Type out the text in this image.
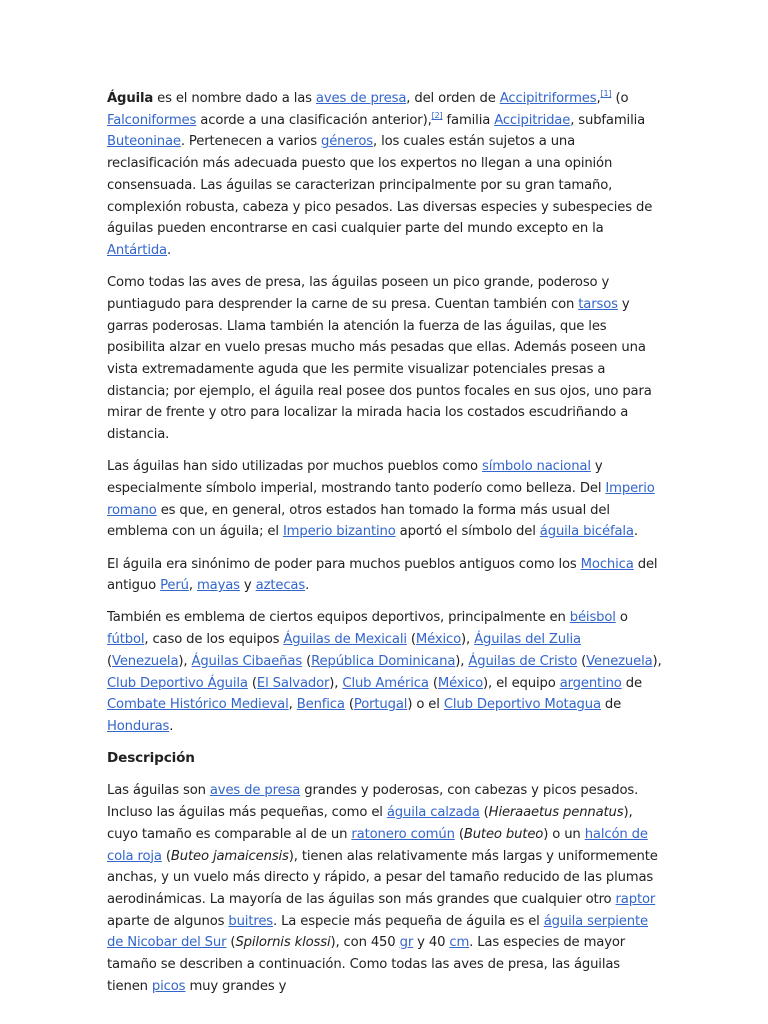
Águila es el nombre dado a las aves de presa, del orden de Accipitriformes,[1] (o Falconiformes acorde a una clasificación anterior),[2] familia Accipitridae, subfamilia Buteoninae. Pertenecen a varios géneros, los cuales están sujetos a una reclasificación más adecuada puesto que los expertos no llegan a una opinión consensuada. Las águilas se caracterizan principalmente por su gran tamaño, complexión robusta, cabeza y pico pesados. Las diversas especies y subespecies de águilas pueden encontrarse en casi cualquier parte del mundo excepto en la Antártida.

Como todas las aves de presa, las águilas poseen un pico grande, poderoso y puntiagudo para desprender la carne de su presa. Cuentan también con tarsos y garras poderosas. Llama también la atención la fuerza de las águilas, que les posibilita alzar en vuelo presas mucho más pesadas que ellas. Además poseen una vista extremadamente aguda que les permite visualizar potenciales presas a distancia; por ejemplo, el águila real posee dos puntos focales en sus ojos, uno para mirar de frente y otro para localizar la mirada hacia los costados escudriñando a distancia.

Las águilas han sido utilizadas por muchos pueblos como símbolo nacional y especialmente símbolo imperial, mostrando tanto poderío como belleza. Del Imperio romano es que, en general, otros estados han tomado la forma más usual del emblema con un águila; el Imperio bizantino aportó el símbolo del águila bicéfala.

El águila era sinónimo de poder para muchos pueblos antiguos como los Mochica del antiguo Perú, mayas y aztecas.

También es emblema de ciertos equipos deportivos, principalmente en béisbol o fútbol, caso de los equipos Águilas de Mexicali (México), Águilas del Zulia (Venezuela), Águilas Cibaeñas (República Dominicana), Águilas de Cristo (Venezuela), Club Deportivo Águila (El Salvador), Club América (México), el equipo argentino de Combate Histórico Medieval, Benfica (Portugal) o el Club Deportivo Motagua de Honduras.

Descripción

Las águilas son aves de presa grandes y poderosas, con cabezas y picos pesados. Incluso las águilas más pequeñas, como el águila calzada (Hieraaetus pennatus), cuyo tamaño es comparable al de un ratonero común (Buteo buteo) o un halcón de cola roja (Buteo jamaicensis), tienen alas relativamente más largas y uniformemente anchas, y un vuelo más directo y rápido, a pesar del tamaño reducido de las plumas aerodinámicas. La mayoría de las águilas son más grandes que cualquier otro raptor aparte de algunos buitres. La especie más pequeña de águila es el águila serpiente de Nicobar del Sur (Spilornis klossi), con 450 gr y 40 cm. Las especies de mayor tamaño se describen a continuación. Como todas las aves de presa, las águilas tienen picos muy grandes y
